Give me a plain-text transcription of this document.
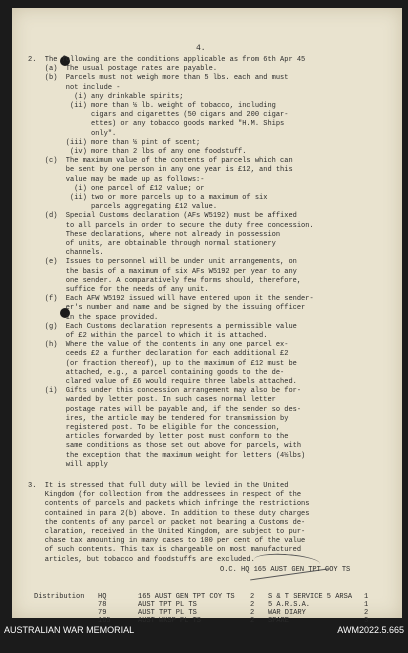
4.
2.  The following are the conditions applicable as from 6th Apr 45
(a)  The usual postage rates are payable.
(b)  Parcels must not weigh more than 5 lbs. each and must
not include -
(i) any drinkable spirits;
(ii) more than ½ lb. weight of tobacco, including
cigars and cigarettes (50 cigars and 200 cigar-
ettes) or any tobacco goods marked "H.M. Ships
only".
(iii) more than ½ pint of scent;
(iv) more than 2 lbs of any one foodstuff.
(c)  The maximum value of the contents of parcels which can
be sent by one person in any one year is £12, and this
value may be made up as follows:-
(i) one parcel of £12 value; or
(ii) two or more parcels up to a maximum of six
parcels aggregating £12 value.
(d)  Special Customs declaration (AFs W5192) must be affixed
to all parcels in order to secure the duty free concession.
These declarations, where not already in possession
of units, are obtainable through normal stationery
channels.
(e)  Issues to personnel will be under unit arrangements, on
the basis of a maximum of six AFs W5192 per year to any
one sender. A comparatively few forms should, therefore,
suffice for the needs of any unit.
(f)  Each AFW W5192 issued will have entered upon it the sender-
er's number and name and be signed by the issuing officer
in the space provided.
(g)  Each Customs declaration represents a permissible value
of £2 within the parcel to which it is attached.
(h)  Where the value of the contents in any one parcel ex-
ceeds £2 a further declaration for each additional £2
(or fraction thereof), up to the maximum of £12 must be
attached, e.g., a parcel containing goods to the de-
clared value of £6 would require three labels attached.
(i)  Gifts under this concession arrangement may also be for-
warded by letter post. In such cases normal letter
postage rates will be payable and, if the sender so des-
ires, the article may be tendered for transmission by
registered post. To be eligible for the concession,
articles forwarded by letter post must conform to the
same conditions as those set out above for parcels, with
the exception that the maximum weight for letters (4½lbs)
will apply
3.  It is stressed that full duty will be levied in the United
Kingdom (for collection from the addressees in respect of the
contents of parcels and packets which infringe the restrictions
contained in para 2(b) above. In addition to these duty charges
the contents of any parcel or packet not bearing a Customs de-
claration, received in the United Kingdom, are subject to pur-
chase tax amounting in many cases to 100 per cent of the value
of such contents. This tax is chargeable on most manufactured
articles, but tobacco and foodstuffs are excluded.
O.C. HQ 165 AUST GEN TPT COY TS
Distribution HQ	165 AUST GEN TPT COY TS	2	S & T SERVICE 5 ARSA	1
78	AUST TPT PL TS	2	5 A.R.S.A.	1
79	AUST TPT PL TS	2	WAR DIARY	2
165	AUST WKSP PL TS	2	SPARE	3
AUSTRALIAN WAR MEMORIAL	AWM2022.5.665
